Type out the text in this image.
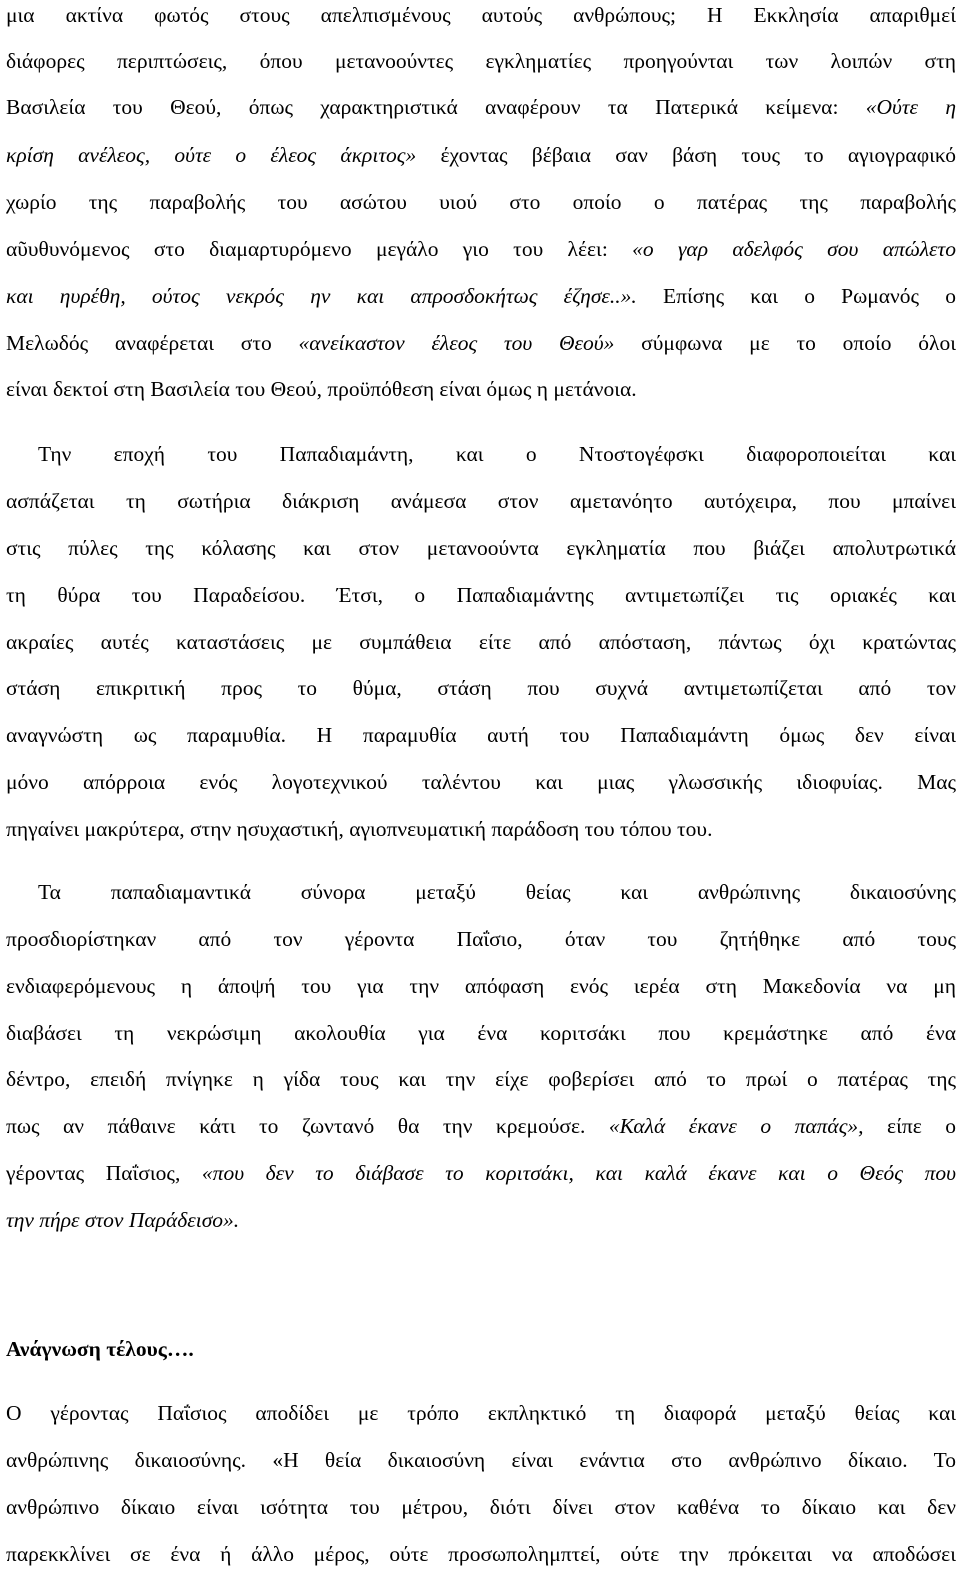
μια ακτίνα φωτός στους απελπισμένους αυτούς ανθρώπους; Η Εκκλησία απαριθμεί
διάφορες περιπτώσεις, όπου μετανοούντες εγκληματίες προηγούνται των λοιπών στη
Βασιλεία του Θεού, όπως χαρακτηριστικά αναφέρουν τα Πατερικά κείμενα: «Ούτε η
κρίση ανέλεος, ούτε ο έλεος άκριτος» έχοντας βέβαια σαν βάση τους το αγιογραφικό
χωρίο της παραβολής του ασώτου υιού στο οποίο ο πατέρας της παραβολής
αῦυθυνόμενος στο διαμαρτυρόμενο μεγάλο γιο του λέει: «ο γαρ αδελφός σου απώλετο
και ηυρέθη, ούτος νεκρός ην και απροσδοκήτως έζησε..». Επίσης και ο Ρωμανός ο
Μελωδός αναφέρεται στο «ανείκαστον έλεος του Θεού» σύμφωνα με το οποίο όλοι
είναι δεκτοί στη Βασιλεία του Θεού, προϋπόθεση είναι όμως η μετάνοια.
Την εποχή του Παπαδιαμάντη, και ο Ντοστογέφσκι διαφοροποιείται και
ασπάζεται τη σωτήρια διάκριση ανάμεσα στον αμετανόητο αυτόχειρα, που μπαίνει
στις πύλες της κόλασης και στον μετανοούντα εγκληματία που βιάζει απολυτρωτικά
τη θύρα του Παραδείσου. Έτσι, ο Παπαδιαμάντης αντιμετωπίζει τις οριακές και
ακραίες αυτές καταστάσεις με συμπάθεια είτε από απόσταση, πάντως όχι κρατώντας
στάση επικριτική προς το θύμα, στάση που συχνά αντιμετωπίζεται από τον
αναγνώστη ως παραμυθία. Η παραμυθία αυτή του Παπαδιαμάντη όμως δεν είναι
μόνο απόρροια ενός λογοτεχνικού ταλέντου και μιας γλωσσικής ιδιοφυίας. Μας
πηγαίνει μακρύτερα, στην ησυχαστική, αγιοπνευματική παράδοση του τόπου του.
Τα παπαδιαμαντικά σύνορα μεταξύ θείας και ανθρώπινης δικαιοσύνης
προσδιορίστηκαν από τον γέροντα Παΐσιο, όταν του ζητήθηκε από τους
ενδιαφερόμενους η άποψή του για την απόφαση ενός ιερέα στη Μακεδονία να μη
διαβάσει τη νεκρώσιμη ακολουθία για ένα κοριτσάκι που κρεμάστηκε από ένα
δέντρο, επειδή πνίγηκε η γίδα τους και την είχε φοβερίσει από το πρωί ο πατέρας της
πως αν πάθαινε κάτι το ζωντανό θα την κρεμούσε. «Καλά έκανε ο παπάς», είπε ο
γέροντας Παΐσιος, «που δεν το διάβασε το κοριτσάκι, και καλά έκανε και ο Θεός που
την πήρε στον Παράδεισο».
Ανάγνωση τέλους….
Ο γέροντας Παΐσιος αποδίδει με τρόπο εκπληκτικό τη διαφορά μεταξύ θείας και
ανθρώπινης δικαιοσύνης. «Η θεία δικαιοσύνη είναι ενάντια στο ανθρώπινο δίκαιο. Το
ανθρώπινο δίκαιο είναι ισότητα του μέτρου, διότι δίνει στον καθένα το δίκαιο και δεν
παρεκκλίνει σε ένα ή άλλο μέρος, ούτε προσωπολημπτεί, ούτε την πρόκειται να αποδώσει
